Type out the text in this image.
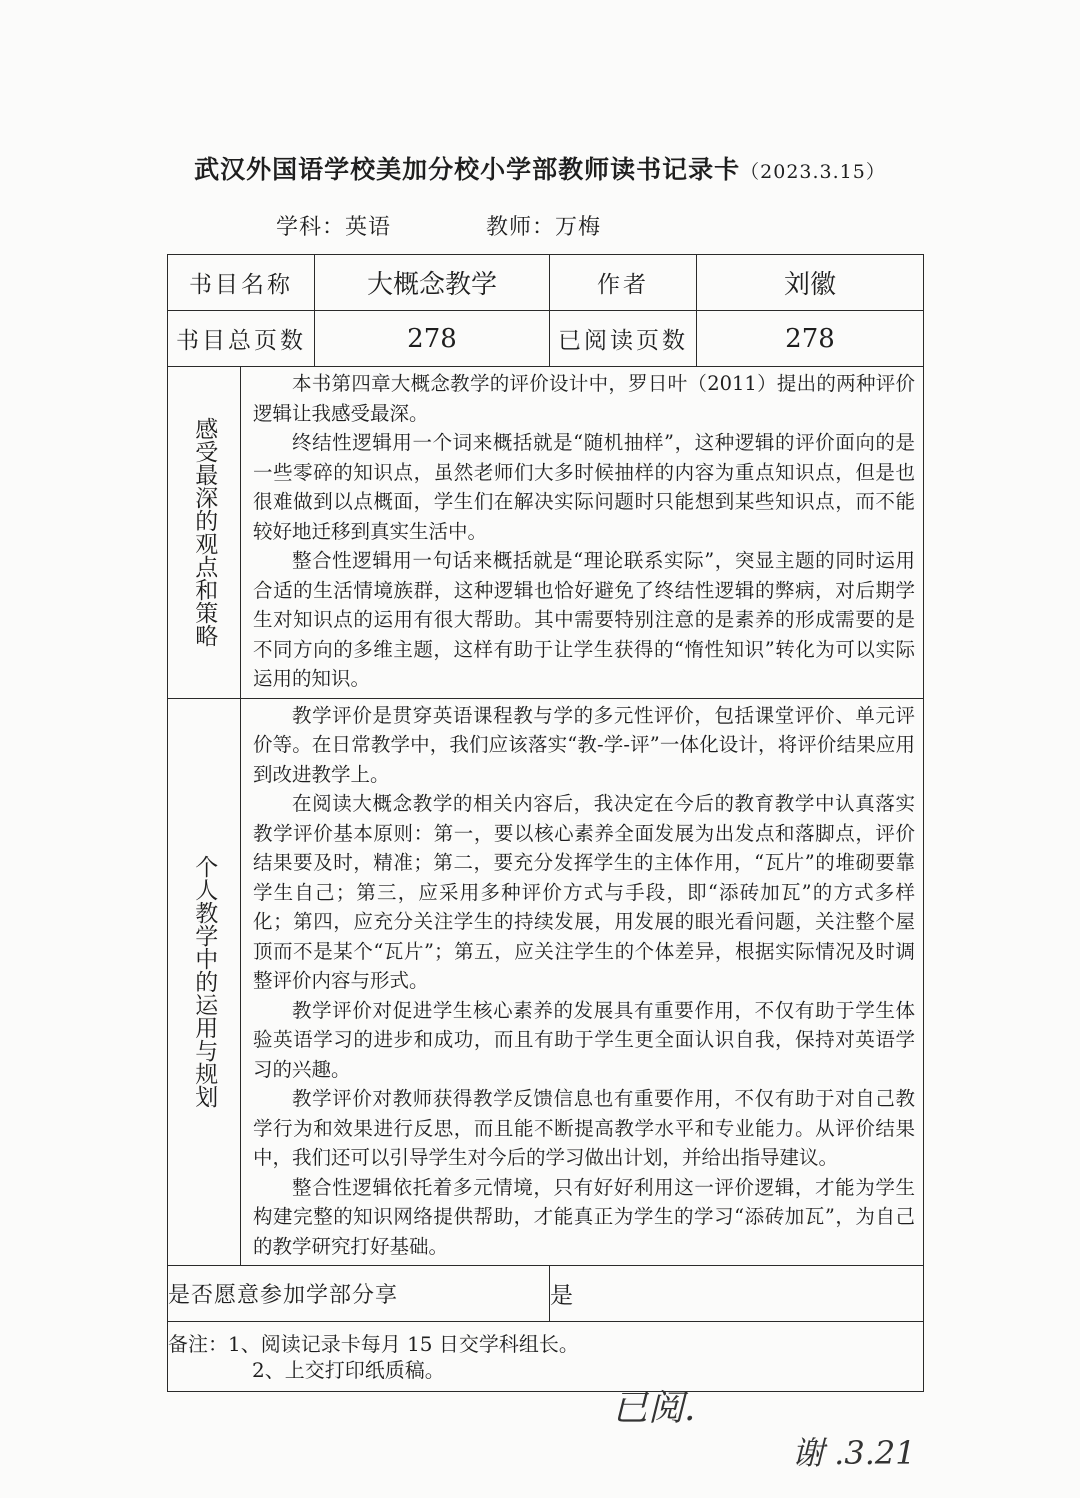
武汉外国语学校美加分校小学部教师读书记录卡（2023.3.15）
学科：英语	教师：万梅
书目名称		大概念教学	作者	刘徽
书目总页数		278	已阅读页数	278

感受最深的观点和策略	本书第四章大概念教学的评价设计中，罗日叶（2011）提出的两种评价逻辑让我感受最深。

终结性逻辑用一个词来概括就是“随机抽样”，这种逻辑的评价面向的是一些零碎的知识点，虽然老师们大多时候抽样的内容为重点知识点，但是也很难做到以点概面，学生们在解决实际问题时只能想到某些知识点，而不能较好地迁移到真实生活中。

整合性逻辑用一句话来概括就是“理论联系实际”，突显主题的同时运用合适的生活情境族群，这种逻辑也恰好避免了终结性逻辑的弊病，对后期学生对知识点的运用有很大帮助。其中需要特别注意的是素养的形成需要的是不同方向的多维主题，这样有助于让学生获得的“惰性知识”转化为可以实际运用的知识。			

个人教学中的运用与规划	教学评价是贯穿英语课程教与学的多元性评价，包括课堂评价、单元评价等。在日常教学中，我们应该落实“教-学-评”一体化设计，将评价结果应用到改进教学上。

在阅读大概念教学的相关内容后，我决定在今后的教育教学中认真落实教学评价基本原则：第一，要以核心素养全面发展为出发点和落脚点，评价结果要及时，精准；第二，要充分发挥学生的主体作用，“瓦片”的堆砌要靠学生自己；第三，应采用多种评价方式与手段，即“添砖加瓦”的方式多样化；第四，应充分关注学生的持续发展，用发展的眼光看问题，关注整个屋顶而不是某个“瓦片”；第五，应关注学生的个体差异，根据实际情况及时调整评价内容与形式。

教学评价对促进学生核心素养的发展具有重要作用，不仅有助于学生体验英语学习的进步和成功，而且有助于学生更全面认识自我，保持对英语学习的兴趣。

教学评价对教师获得教学反馈信息也有重要作用，不仅有助于对自己教学行为和效果进行反思，而且能不断提高教学水平和专业能力。从评价结果中，我们还可以引导学生对今后的学习做出计划，并给出指导建议。

整合性逻辑依托着多元情境，只有好好利用这一评价逻辑，才能为学生构建完整的知识网络提供帮助，才能真正为学生的学习“添砖加瓦”，为自己的教学研究打好基础。			

是否愿意参加学部分享			是	

备注：1、阅读记录卡每月 15 日交学科组长。
2、上交打印纸质稿。				
已阅.
谢 .3.21
